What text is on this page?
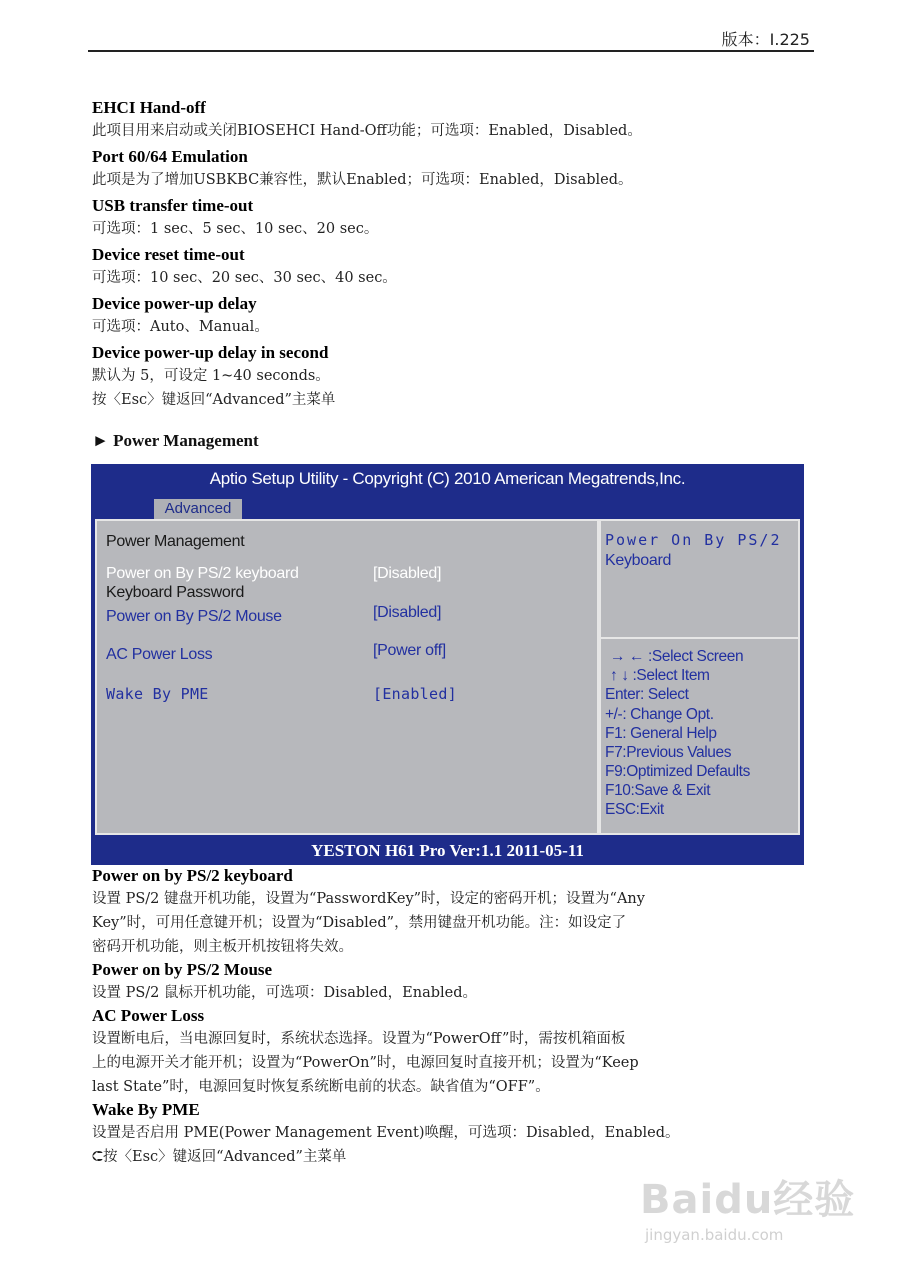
版本：I.225

EHCI Hand-off

此项目用来启动或关闭BIOSEHCI Hand-Off功能；可选项：Enabled，Disabled。

Port 60/64 Emulation

此项是为了增加USBKBC兼容性，默认Enabled；可选项：Enabled，Disabled。

USB transfer time-out

可选项：1 sec、5 sec、10 sec、20 sec。

Device reset time-out

可选项：10 sec、20 sec、30 sec、40 sec。

Device power-up delay

可选项：Auto、Manual。

Device power-up delay in second

默认为 5，可设定 1~40 seconds。

按〈Esc〉键返回“Advanced”主菜单

► Power Management

Aptio Setup Utility - Copyright (C) 2010 American Megatrends,Inc.
Advanced
Power Management
Power on By PS/2 keyboard	[Disabled]
Keyboard Password
Power on By PS/2 Mouse	[Disabled]
AC Power Loss	[Power off]
Wake By PME	[Enabled]
Power On By PS/2
Keyboard
→ ← :Select Screen
↑ ↓ :Select Item
Enter: Select
+/-: Change Opt.
F1: General Help
F7:Previous Values
F9:Optimized Defaults
F10:Save & Exit
ESC:Exit
YESTON H61 Pro Ver:1.1 2011-05-11

Power on by PS/2 keyboard

设置 PS/2 键盘开机功能，设置为“PasswordKey”时，设定的密码开机；设置为“Any

Key”时，可用任意键开机；设置为“Disabled”，禁用键盘开机功能。注：如设定了

密码开机功能，则主板开机按钮将失效。

Power on by PS/2 Mouse

设置 PS/2 鼠标开机功能，可选项：Disabled，Enabled。

AC Power Loss

设置断电后，当电源回复时，系统状态选择。设置为“PowerOff”时，需按机箱面板

上的电源开关才能开机；设置为“PowerOn”时，电源回复时直接开机；设置为“Keep

last State”时，电源回复时恢复系统断电前的状态。缺省值为“OFF”。

Wake By PME

设置是否启用 PME(Power Management Event)唤醒，可选项：Disabled，Enabled。

⮈按〈Esc〉键返回“Advanced”主菜单

Baidu经验
jingyan.baidu.com
